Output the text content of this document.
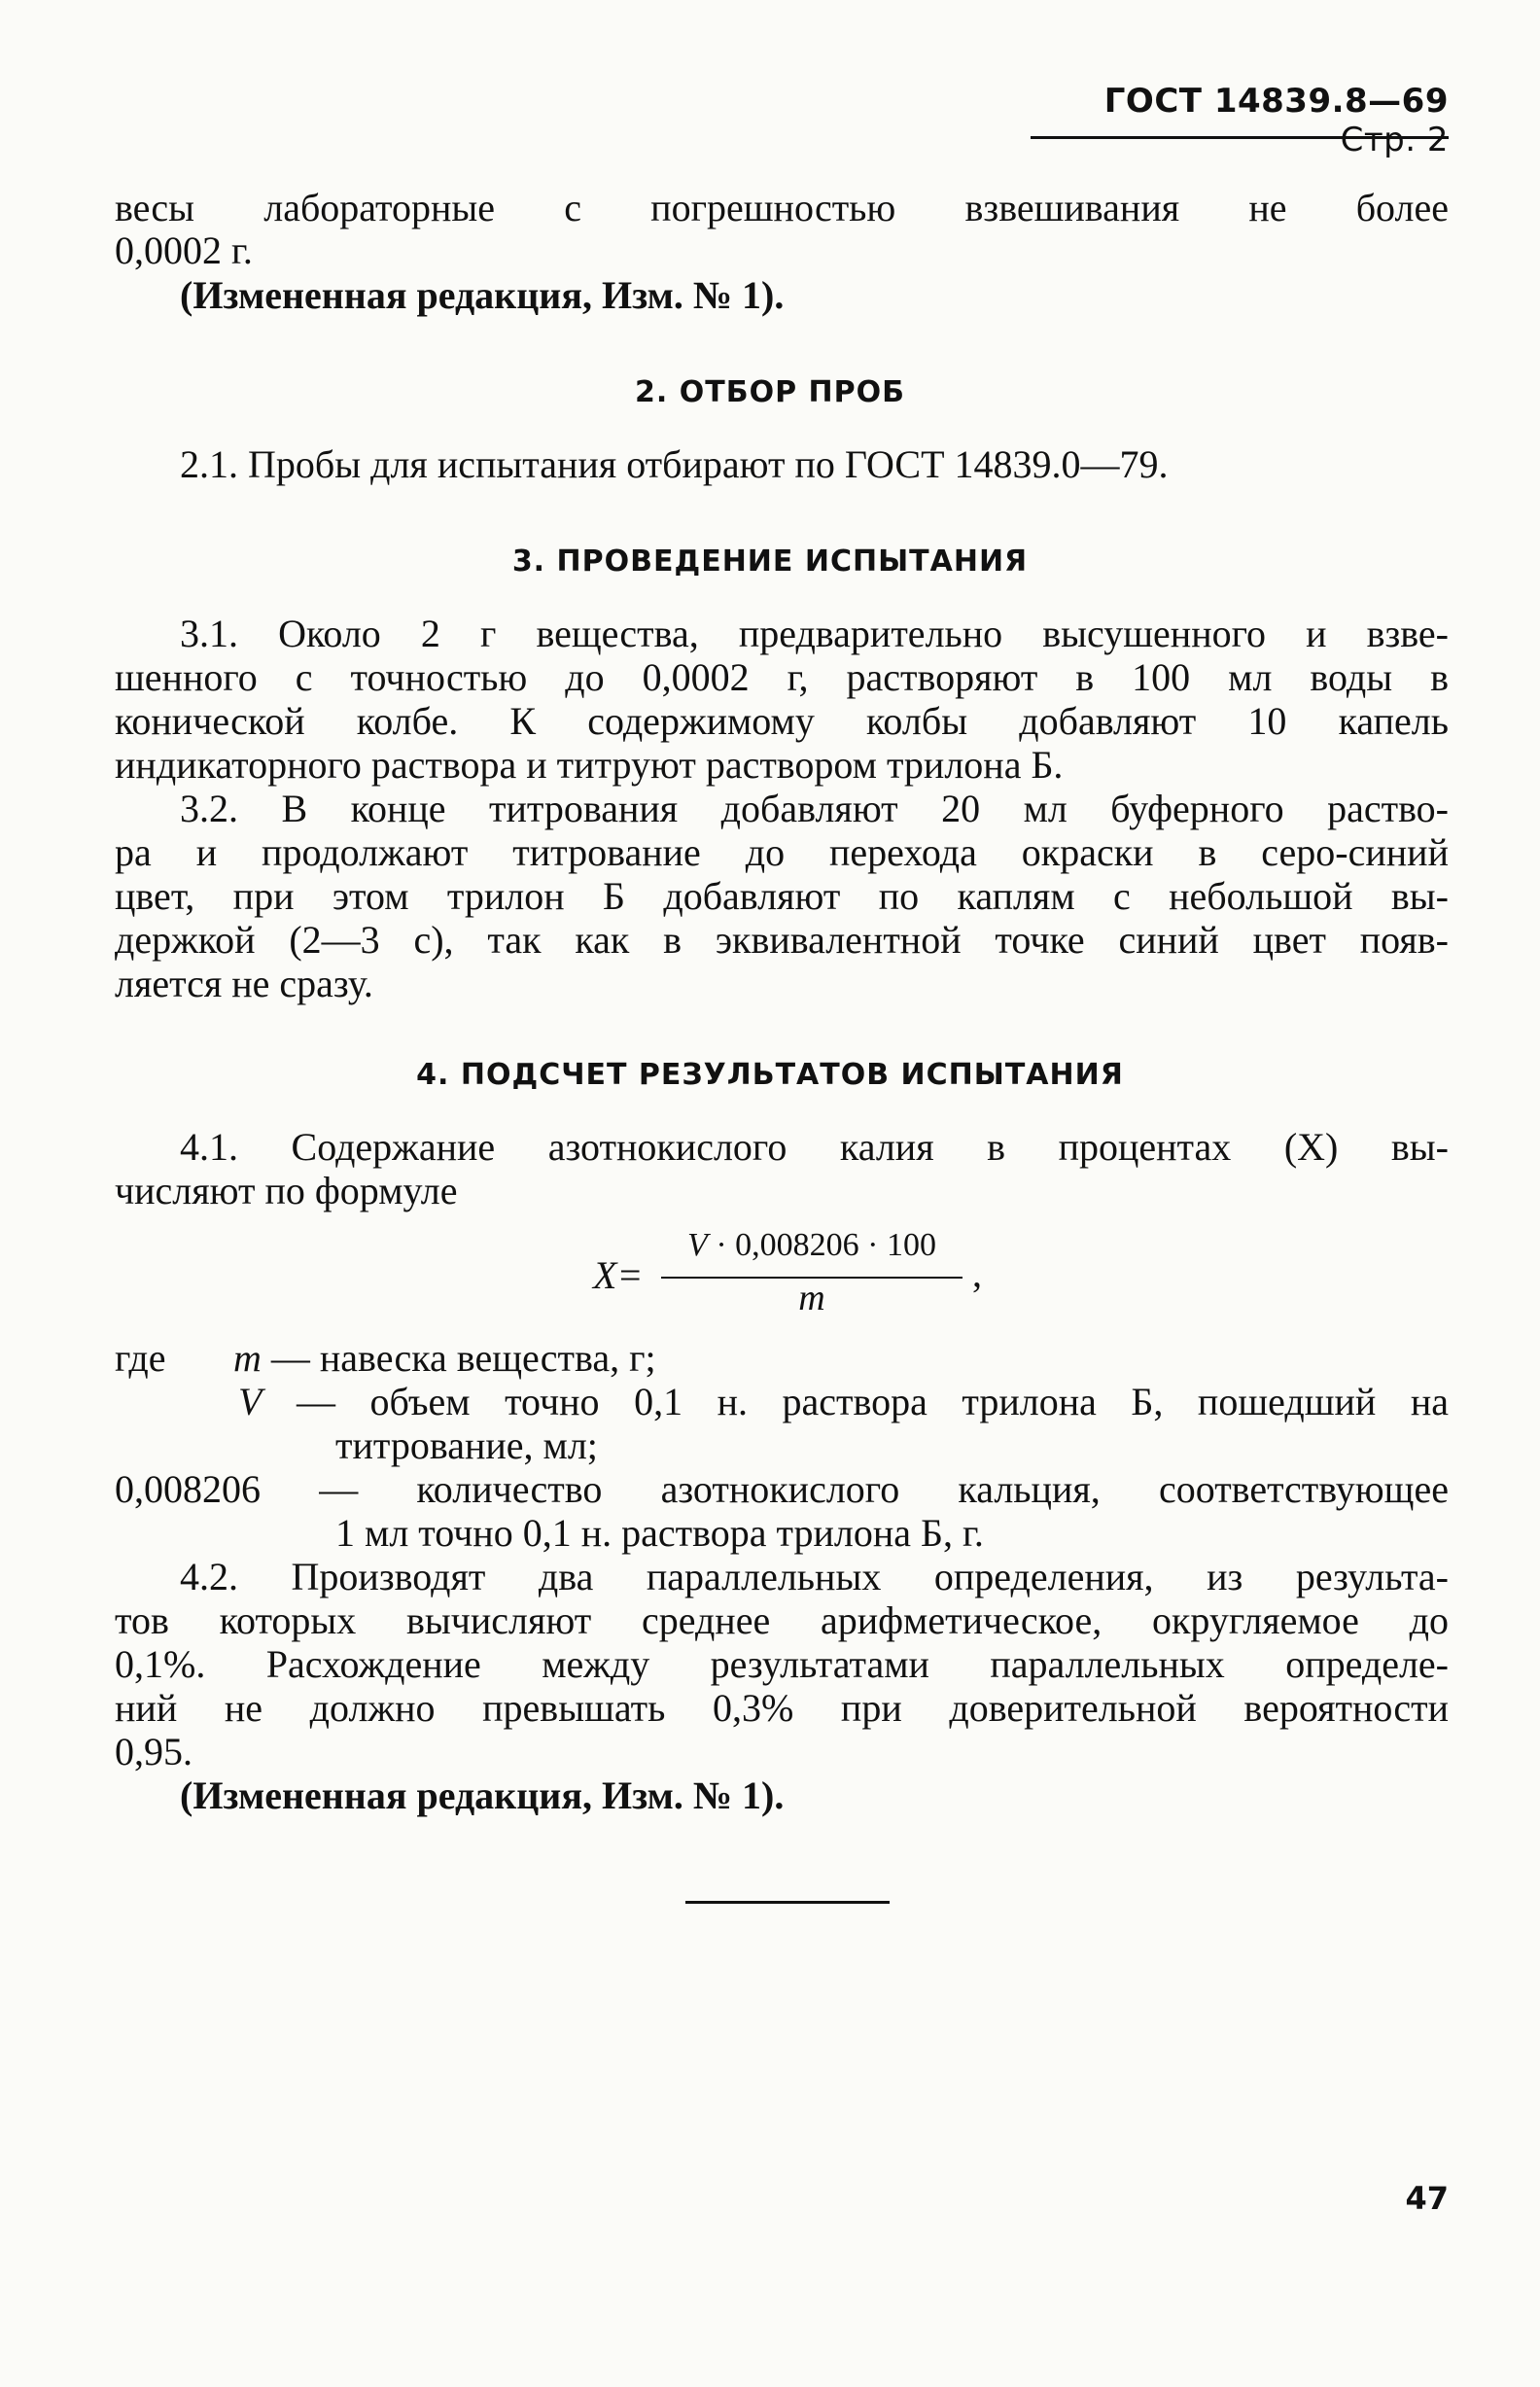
ГОСТ 14839.8—69 Стр. 2
весы лабораторные с погрешностью взвешивания не более
0,0002 г.
(Измененная редакция, Изм. № 1).
2. ОТБОР ПРОБ
2.1. Пробы для испытания отбирают по ГОСТ 14839.0—79.
3. ПРОВЕДЕНИЕ ИСПЫТАНИЯ
3.1. Около 2 г вещества, предварительно высушенного и взве-
шенного с точностью до 0,0002 г, растворяют в 100 мл воды в
конической колбе. К содержимому колбы добавляют 10 капель
индикаторного раствора и титруют раствором трилона Б.
3.2. В конце титрования добавляют 20 мл буферного раство-
ра и продолжают титрование до перехода окраски в серо-синий
цвет, при этом трилон Б добавляют по каплям с небольшой вы-
держкой (2—3 с), так как в эквивалентной точке синий цвет появ-
ляется не сразу.
4. ПОДСЧЕТ РЕЗУЛЬТАТОВ ИСПЫТАНИЯ
4.1. Содержание азотнокислого калия в процентах (X) вы-
числяют по формуле
X=
V · 0,008206 · 100
m
,
где m — навеска вещества, г;
V — объем точно 0,1 н. раствора трилона Б, пошедший на
титрование, мл;
0,008206 — количество азотнокислого кальция, соответствующее
1 мл точно 0,1 н. раствора трилона Б, г.
4.2. Производят два параллельных определения, из результа-
тов которых вычисляют среднее арифметическое, округляемое до
0,1%. Расхождение между результатами параллельных определе-
ний не должно превышать 0,3% при доверительной вероятности
0,95.
(Измененная редакция, Изм. № 1).
47
